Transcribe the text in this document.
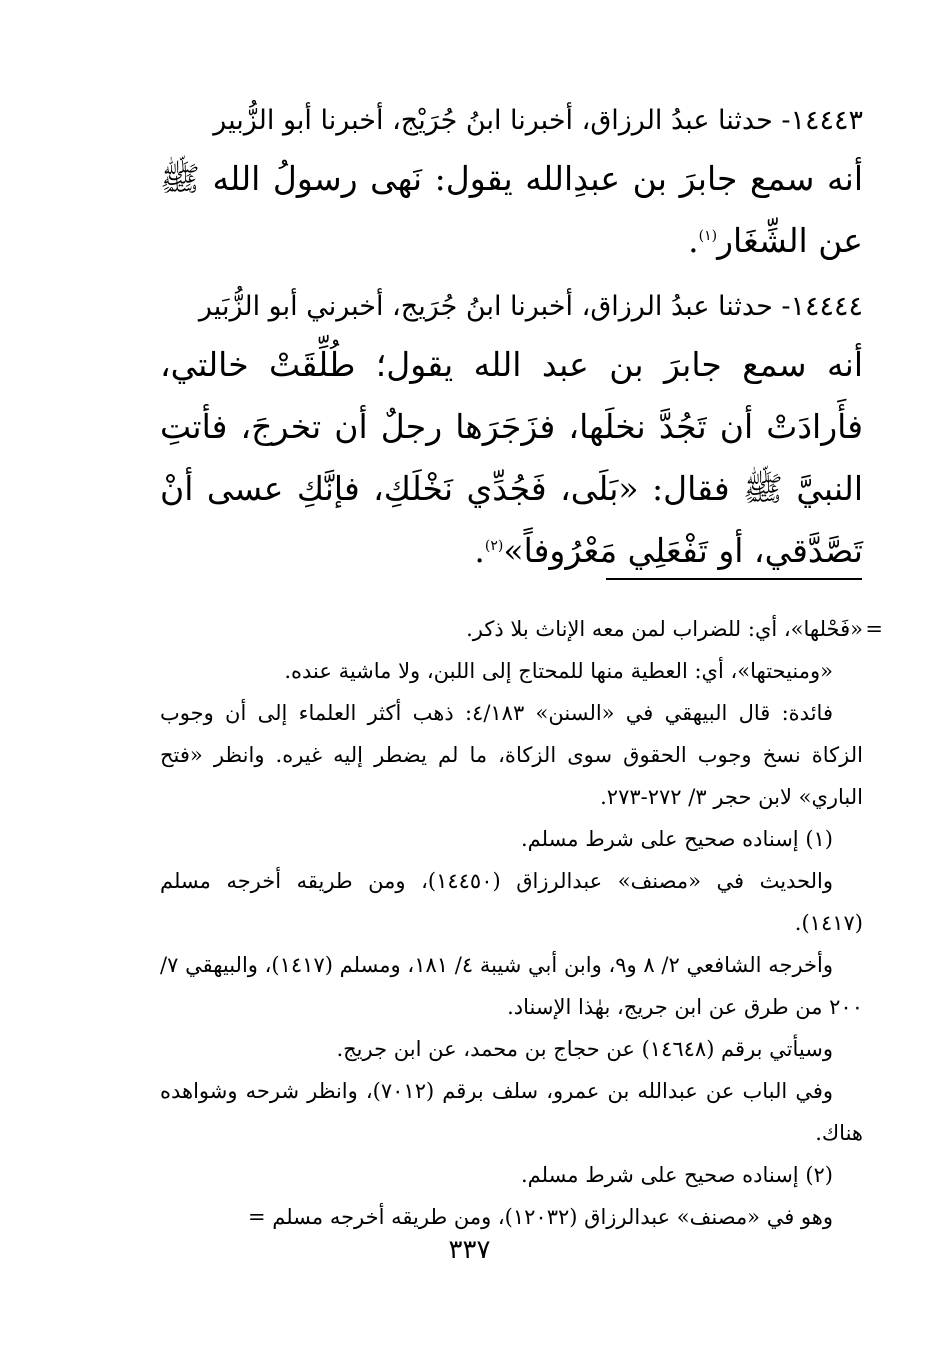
١٤٤٤٣- حدثنا عبدُ الرزاق، أخبرنا ابنُ جُرَيْج، أخبرنا أبو الزُّبير

أنه سمع جابرَ بن عبدِالله يقول: نَهى رسولُ الله ﷺ عن الشِّغَار$^{(١)}$.

١٤٤٤٤- حدثنا عبدُ الرزاق، أخبرنا ابنُ جُرَيج، أخبرني أبو الزُّبَير

أنه سمع جابرَ بن عبد الله يقول؛ طُلِّقَتْ خالتي، فأَرادَتْ أن تَجُدَّ نخلَها، فزَجَرَها رجلٌ أن تخرجَ، فأتتِ النبيَّ ﷺ فقال: «بَلَى، فَجُدِّي نَخْلَكِ، فإنَّكِ عسى أنْ تَصَّدَّقي، أو تَفْعَلِي مَعْرُوفاً»$^{(٢)}$.

=
«فَحْلها»، أي: للضراب لمن معه الإناث بلا ذكر.

«ومنيحتها»، أي: العطية منها للمحتاج إلى اللبن، ولا ماشية عنده.

فائدة: قال البيهقي في «السنن» ٤/١٨٣: ذهب أكثر العلماء إلى أن وجوب الزكاة نسخ وجوب الحقوق سوى الزكاة، ما لم يضطر إليه غيره. وانظر «فتح الباري» لابن حجر ٣/ ٢٧٢-٢٧٣.

(١) إسناده صحيح على شرط مسلم.

والحديث في «مصنف» عبدالرزاق (١٤٤٥٠)، ومن طريقه أخرجه مسلم (١٤١٧).

وأخرجه الشافعي ٢/ ٨ و٩، وابن أبي شيبة ٤/ ١٨١، ومسلم (١٤١٧)، والبيهقي ٧/ ٢٠٠ من طرق عن ابن جريج، بهٰذا الإسناد.

وسيأتي برقم (١٤٦٤٨) عن حجاج بن محمد، عن ابن جريج.

وفي الباب عن عبدالله بن عمرو، سلف برقم (٧٠١٢)، وانظر شرحه وشواهده هناك.

(٢) إسناده صحيح على شرط مسلم.

وهو في «مصنف» عبدالرزاق (١٢٠٣٢)، ومن طريقه أخرجه مسلم =

٣٣٧
